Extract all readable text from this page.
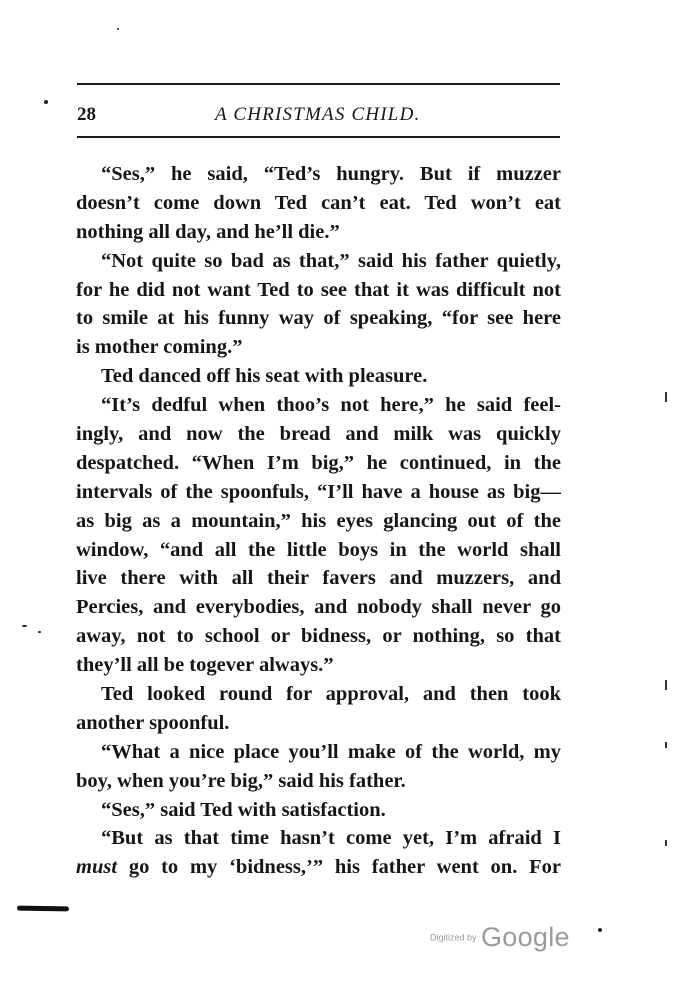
28	A CHRISTMAS CHILD.
“Ses,” he said, “Ted’s hungry. But if muzzer
doesn’t come down Ted can’t eat. Ted won’t eat
nothing all day, and he’ll die.”
“Not quite so bad as that,” said his father quietly,
for he did not want Ted to see that it was difficult not
to smile at his funny way of speaking, “for see here
is mother coming.”
Ted danced off his seat with pleasure.
“It’s dedful when thoo’s not here,” he said feel-
ingly, and now the bread and milk was quickly
despatched. “When I’m big,” he continued, in the
intervals of the spoonfuls, “I’ll have a house as big—
as big as a mountain,” his eyes glancing out of the
window, “and all the little boys in the world shall
live there with all their favers and muzzers, and
Percies, and everybodies, and nobody shall never go
away, not to school or bidness, or nothing, so that
they’ll all be togever always.”
Ted looked round for approval, and then took
another spoonful.
“What a nice place you’ll make of the world, my
boy, when you’re big,” said his father.
“Ses,” said Ted with satisfaction.
“But as that time hasn’t come yet, I’m afraid I
must go to my ‘bidness,’” his father went on. For
Digitized by Google
